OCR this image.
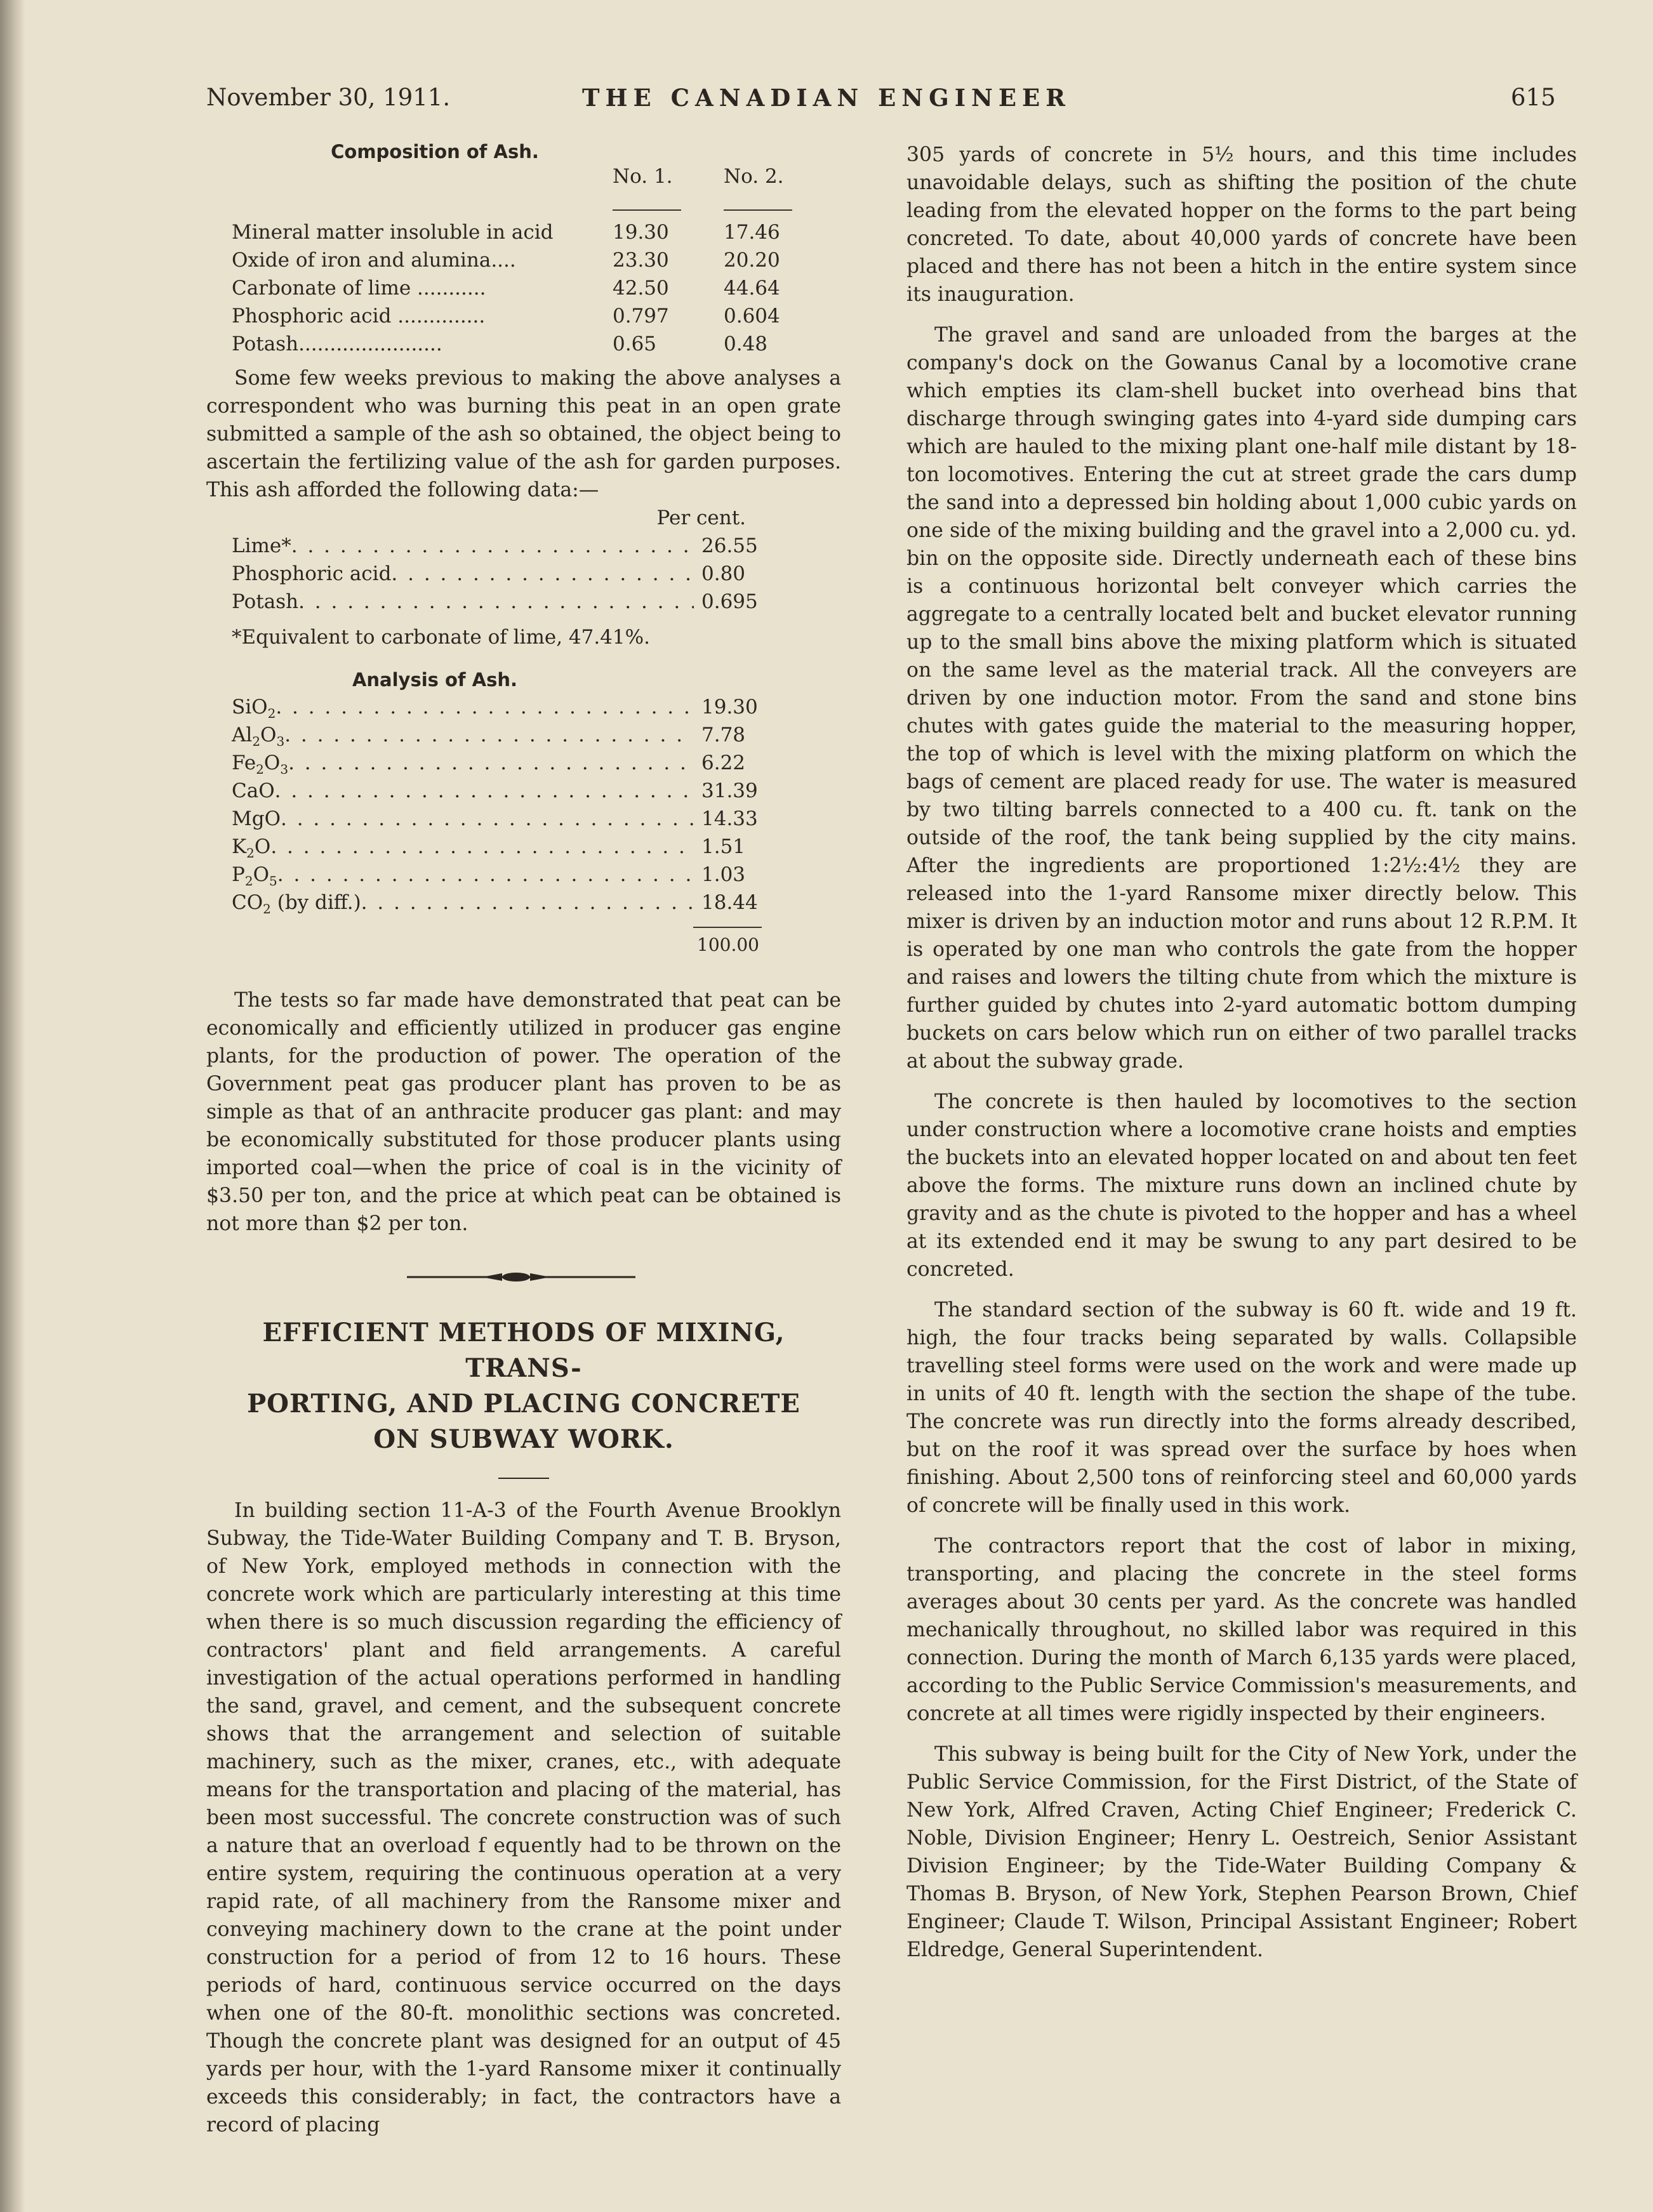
November 30, 1911.	THE CANADIAN ENGINEER	615
Composition of Ash.
	No. 1.	No. 2.

Mineral matter insoluble in acid	19.30	17.46
Oxide of iron and alumina....	23.30	20.20
Carbonate of lime ...........	42.50	44.64
Phosphoric acid ..............	0.797	0.604
Potash.......................	0.65	0.48

Some few weeks previous to making the above analyses a correspondent who was burning this peat in an open grate submitted a sample of the ash so obtained, the object being to ascertain the fertilizing value of the ash for garden purposes. This ash afforded the following data:—

Per cent.
Lime* . . .	26.55
Phosphoric acid . . .	0.80
Potash . . .	0.695
*Equivalent to carbonate of lime, 47.41%.
Analysis of Ash.
SiO$_2$ . . .	19.30
$Al_2O_3$ . . .	7.78
$Fe_2O_3$ . . .	6.22
CaO . . .	31.39
MgO . . .	14.33
$K_2O$ . . .	1.51
$P_2O_5$ . . .	1.03
$CO_2$ (by diff.) . . .	18.44
100.00

The tests so far made have demonstrated that peat can be economically and efficiently utilized in producer gas engine plants, for the production of power. The operation of the Government peat gas producer plant has proven to be as simple as that of an anthracite producer gas plant: and may be economically substituted for those producer plants using imported coal—when the price of coal is in the vicinity of $3.50 per ton, and the price at which peat can be obtained is not more than $2 per ton.

EFFICIENT METHODS OF MIXING, TRANS-
PORTING, AND PLACING CONCRETE
ON SUBWAY WORK.

In building section 11-A-3 of the Fourth Avenue Brooklyn Subway, the Tide-Water Building Company and T. B. Bryson, of New York, employed methods in connection with the concrete work which are particularly interesting at this time when there is so much discussion regarding the efficiency of contractors' plant and field arrangements. A careful investigation of the actual operations performed in handling the sand, gravel, and cement, and the subsequent concrete shows that the arrangement and selection of suitable machinery, such as the mixer, cranes, etc., with adequate means for the transportation and placing of the material, has been most successful. The concrete construction was of such a nature that an overload f equently had to be thrown on the entire system, requiring the continuous operation at a very rapid rate, of all machinery from the Ransome mixer and conveying machinery down to the crane at the point under construction for a period of from 12 to 16 hours. These periods of hard, continuous service occurred on the days when one of the 80-ft. monolithic sections was concreted. Though the concrete plant was designed for an output of 45 yards per hour, with the 1-yard Ransome mixer it continually exceeds this considerably; in fact, the contractors have a record of placing

305 yards of concrete in 5½ hours, and this time includes unavoidable delays, such as shifting the position of the chute leading from the elevated hopper on the forms to the part being concreted. To date, about 40,000 yards of concrete have been placed and there has not been a hitch in the entire system since its inauguration.

The gravel and sand are unloaded from the barges at the company's dock on the Gowanus Canal by a locomotive crane which empties its clam-shell bucket into overhead bins that discharge through swinging gates into 4-yard side dumping cars which are hauled to the mixing plant one-half mile distant by 18-ton locomotives. Entering the cut at street grade the cars dump the sand into a depressed bin holding about 1,000 cubic yards on one side of the mixing building and the gravel into a 2,000 cu. yd. bin on the opposite side. Directly underneath each of these bins is a continuous horizontal belt conveyer which carries the aggregate to a centrally located belt and bucket elevator running up to the small bins above the mixing platform which is situated on the same level as the material track. All the conveyers are driven by one induction motor. From the sand and stone bins chutes with gates guide the material to the measuring hopper, the top of which is level with the mixing platform on which the bags of cement are placed ready for use. The water is measured by two tilting barrels connected to a 400 cu. ft. tank on the outside of the roof, the tank being supplied by the city mains. After the ingredients are proportioned 1:2½:4½ they are released into the 1-yard Ransome mixer directly below. This mixer is driven by an induction motor and runs about 12 R.P.M. It is operated by one man who controls the gate from the hopper and raises and lowers the tilting chute from which the mixture is further guided by chutes into 2-yard automatic bottom dumping buckets on cars below which run on either of two parallel tracks at about the subway grade.

The concrete is then hauled by locomotives to the section under construction where a locomotive crane hoists and empties the buckets into an elevated hopper located on and about ten feet above the forms. The mixture runs down an inclined chute by gravity and as the chute is pivoted to the hopper and has a wheel at its extended end it may be swung to any part desired to be concreted.

The standard section of the subway is 60 ft. wide and 19 ft. high, the four tracks being separated by walls. Collapsible travelling steel forms were used on the work and were made up in units of 40 ft. length with the section the shape of the tube. The concrete was run directly into the forms already described, but on the roof it was spread over the surface by hoes when finishing. About 2,500 tons of reinforcing steel and 60,000 yards of concrete will be finally used in this work.

The contractors report that the cost of labor in mixing, transporting, and placing the concrete in the steel forms averages about 30 cents per yard. As the concrete was handled mechanically throughout, no skilled labor was required in this connection. During the month of March 6,135 yards were placed, according to the Public Service Commission's measurements, and concrete at all times were rigidly inspected by their engineers.

This subway is being built for the City of New York, under the Public Service Commission, for the First District, of the State of New York, Alfred Craven, Acting Chief Engineer; Frederick C. Noble, Division Engineer; Henry L. Oestreich, Senior Assistant Division Engineer; by the Tide-Water Building Company & Thomas B. Bryson, of New York, Stephen Pearson Brown, Chief Engineer; Claude T. Wilson, Principal Assistant Engineer; Robert Eldredge, General Superintendent.
